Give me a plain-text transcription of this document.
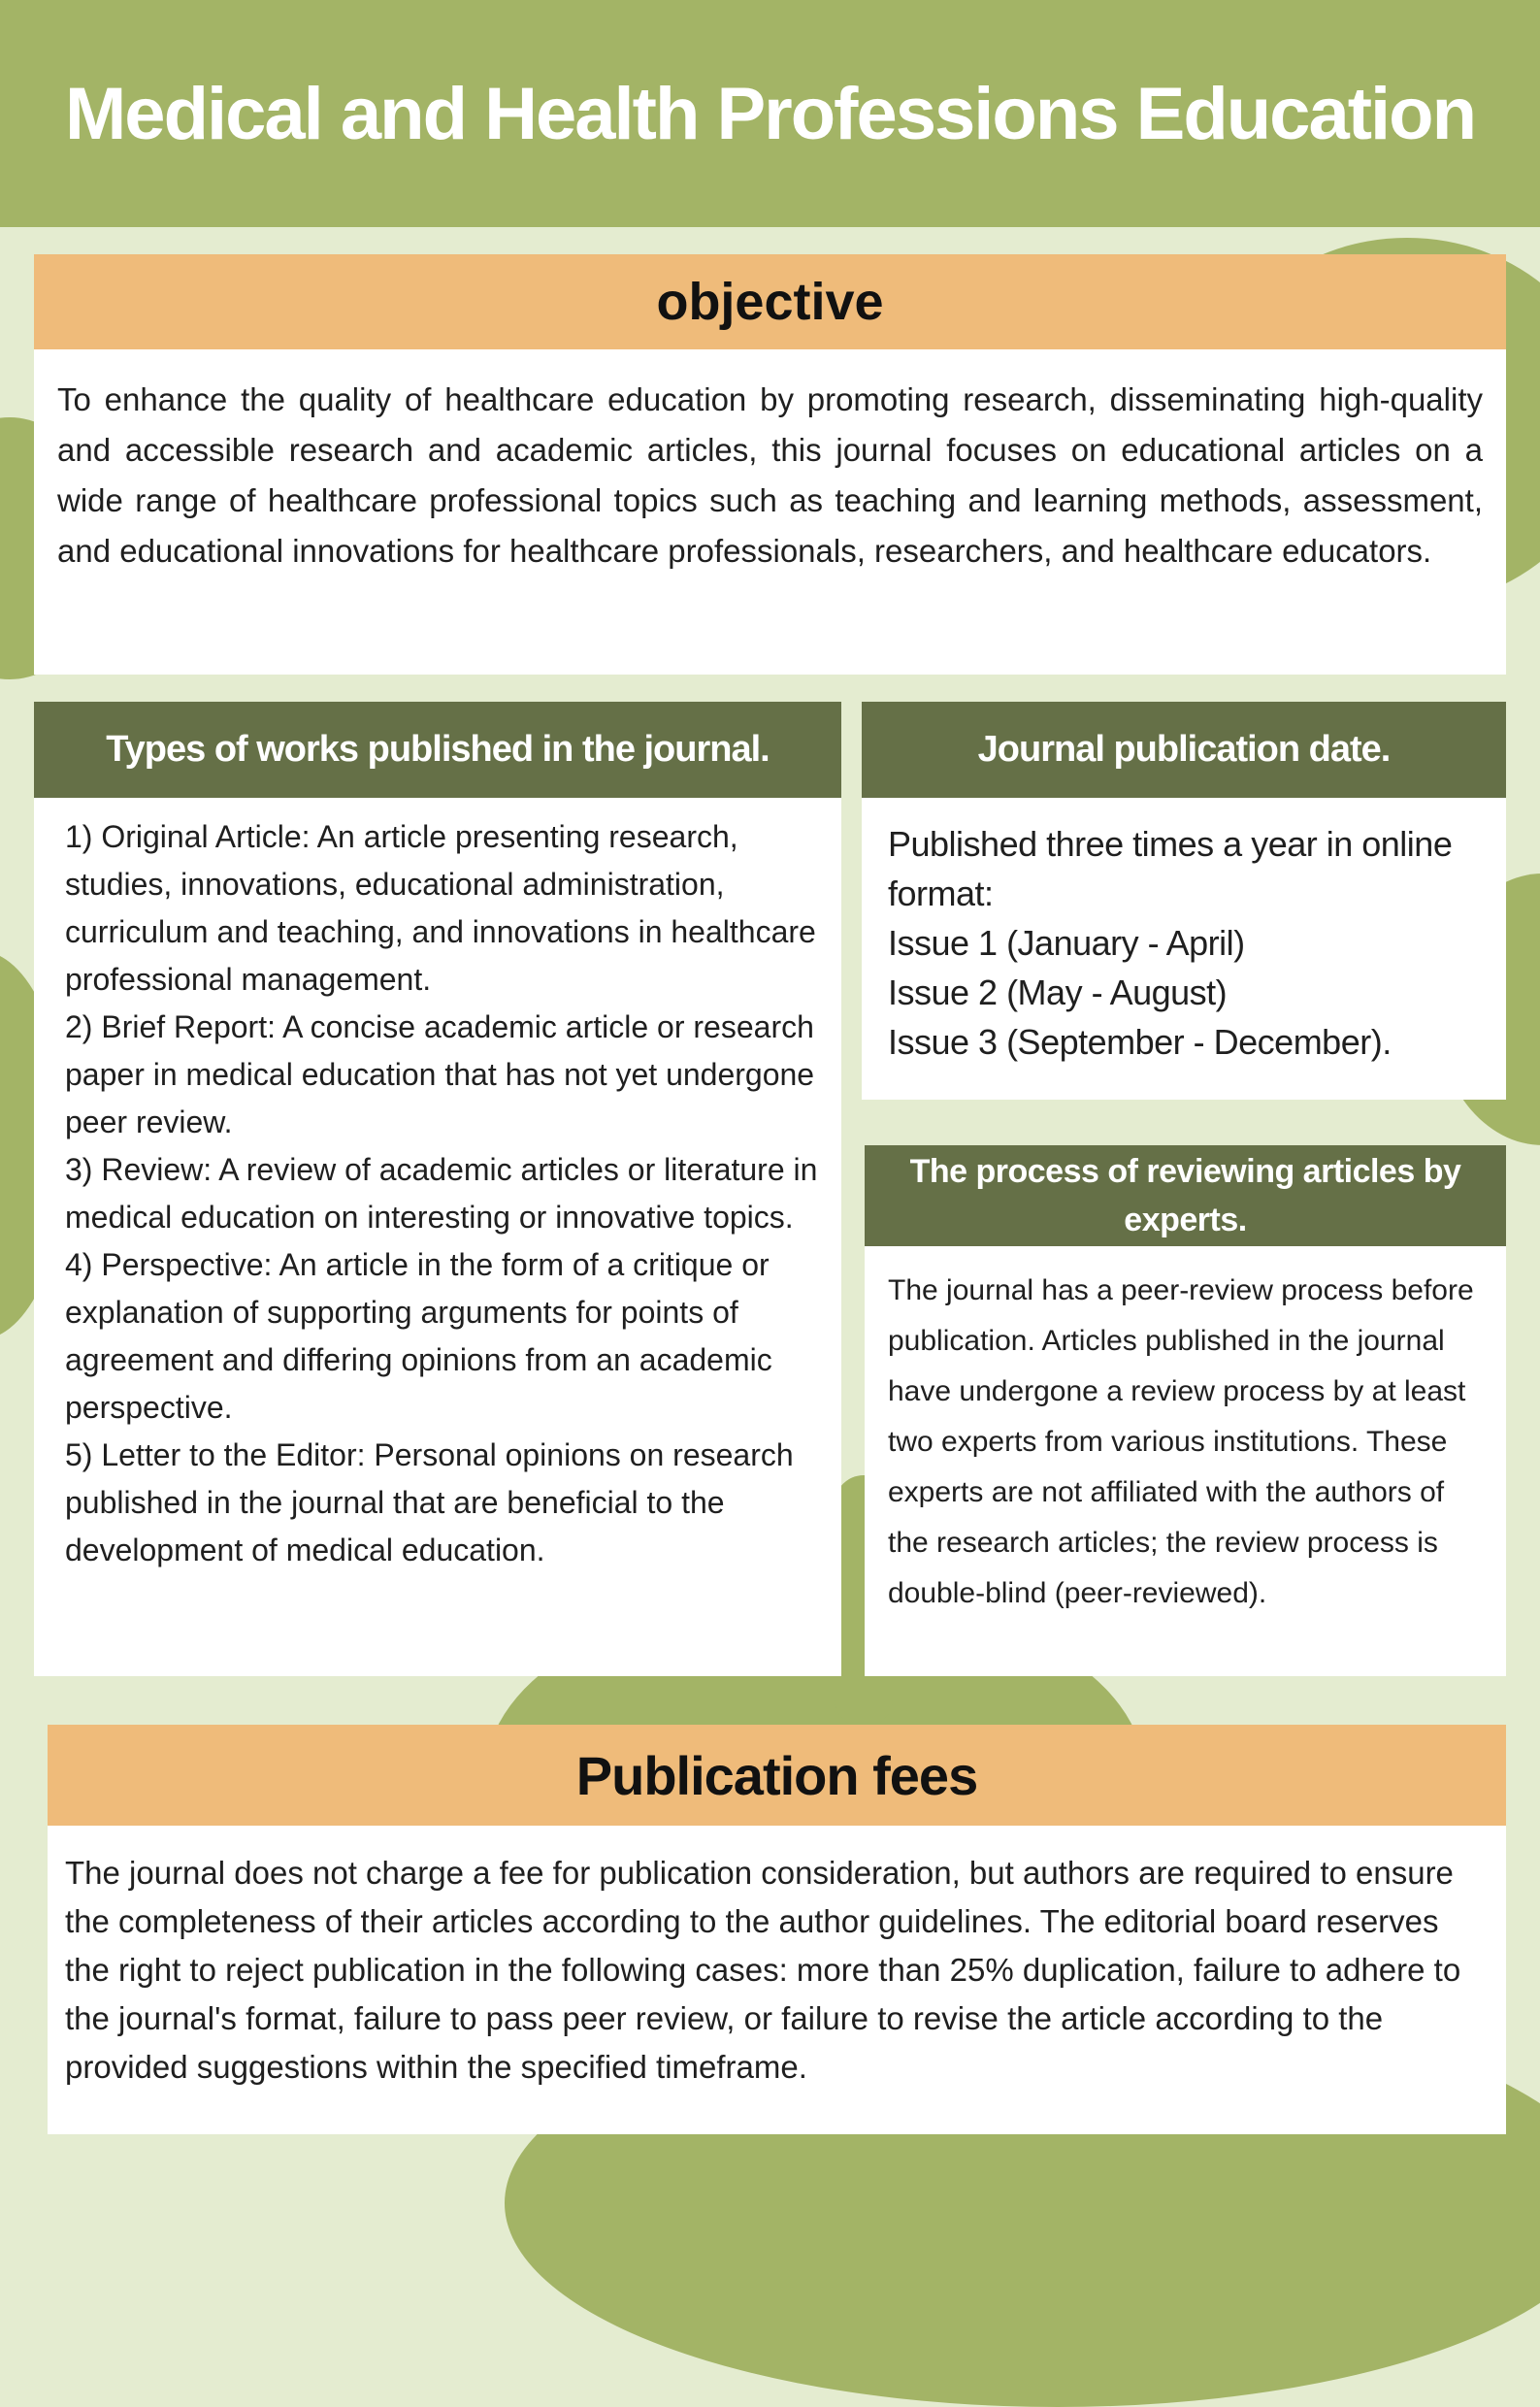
Medical and Health Professions Education
objective

To enhance the quality of healthcare education by promoting research, disseminating high-quality and accessible research and academic articles, this journal focuses on educational articles on a wide range of healthcare professional topics such as teaching and learning methods, assessment, and educational innovations for healthcare professionals, researchers, and healthcare educators.

Types of works published in the journal.

1) Original Article: An article presenting research, studies, innovations, educational administration, curriculum and teaching, and innovations in healthcare professional management.

2) Brief Report: A concise academic article or research paper in medical education that has not yet undergone peer review.

3) Review: A review of academic articles or literature in medical education on interesting or innovative topics.

4) Perspective: An article in the form of a critique or explanation of supporting arguments for points of agreement and differing opinions from an academic perspective.

5) Letter to the Editor: Personal opinions on research published in the journal that are beneficial to the development of medical education.

Journal publication date.

Published three times a year in online format:

Issue 1 (January - April)

Issue 2 (May - August)

Issue 3 (September - December).

The process of reviewing articles by experts.

The journal has a peer-review process before publication. Articles published in the journal have undergone a review process by at least two experts from various institutions. These experts are not affiliated with the authors of the research articles; the review process is double-blind (peer-reviewed).

Publication fees

The journal does not charge a fee for publication consideration, but authors are required to ensure the completeness of their articles according to the author guidelines. The editorial board reserves the right to reject publication in the following cases: more than 25% duplication, failure to adhere to the journal's format, failure to pass peer review, or failure to revise the article according to the provided suggestions within the specified timeframe.
